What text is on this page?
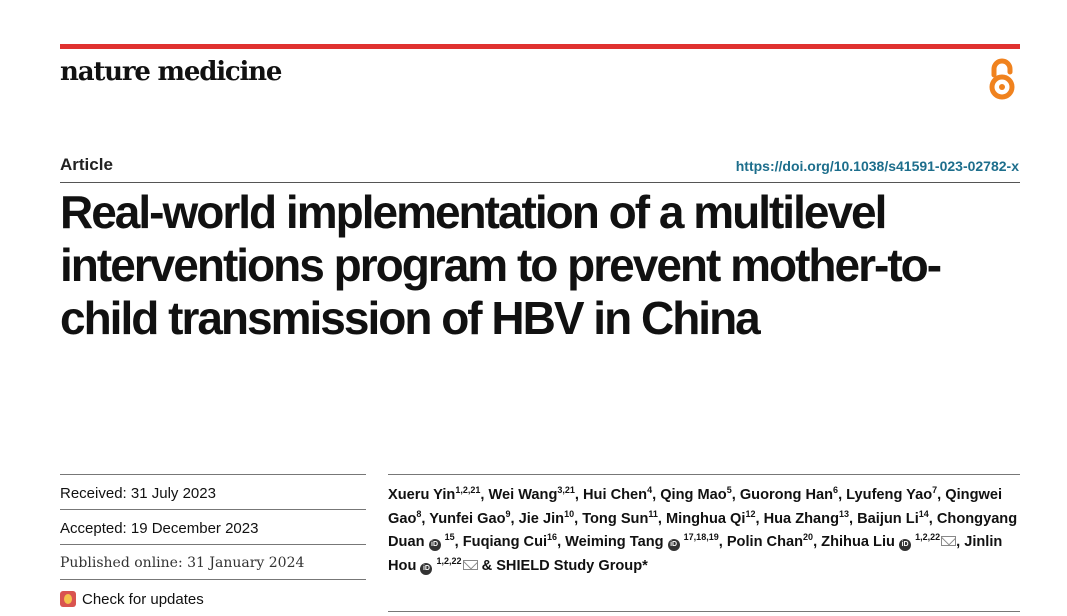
nature medicine
Article	https://doi.org/10.1038/s41591-023-02782-x
Real-world implementation of a multilevel interventions program to prevent mother-to-child transmission of HBV in China
Received: 31 July 2023
Accepted: 19 December 2023
Published online: 31 January 2024
Check for updates

Xueru Yin$^{1,2,21}$, Wei Wang$^{3,21}$, Hui Chen$^4$, Qing Mao$^5$, Guorong Han$^6$, Lyufeng Yao$^7$, Qingwei Gao$^8$, Yunfei Gao$^9$, Jie Jin$^{10}$, Tong Sun$^{11}$, Minghua Qi$^{12}$, Hua Zhang$^{13}$, Baijun Li$^{14}$, Chongyang Duan iD $^{15}$, Fuqiang Cui$^{16}$, Weiming Tang iD $^{17,18,19}$, Polin Chan$^{20}$, Zhihua Liu iD $^{1,2,22}$ , Jinlin Hou iD $^{1,2,22}$ & SHIELD Study Group*
